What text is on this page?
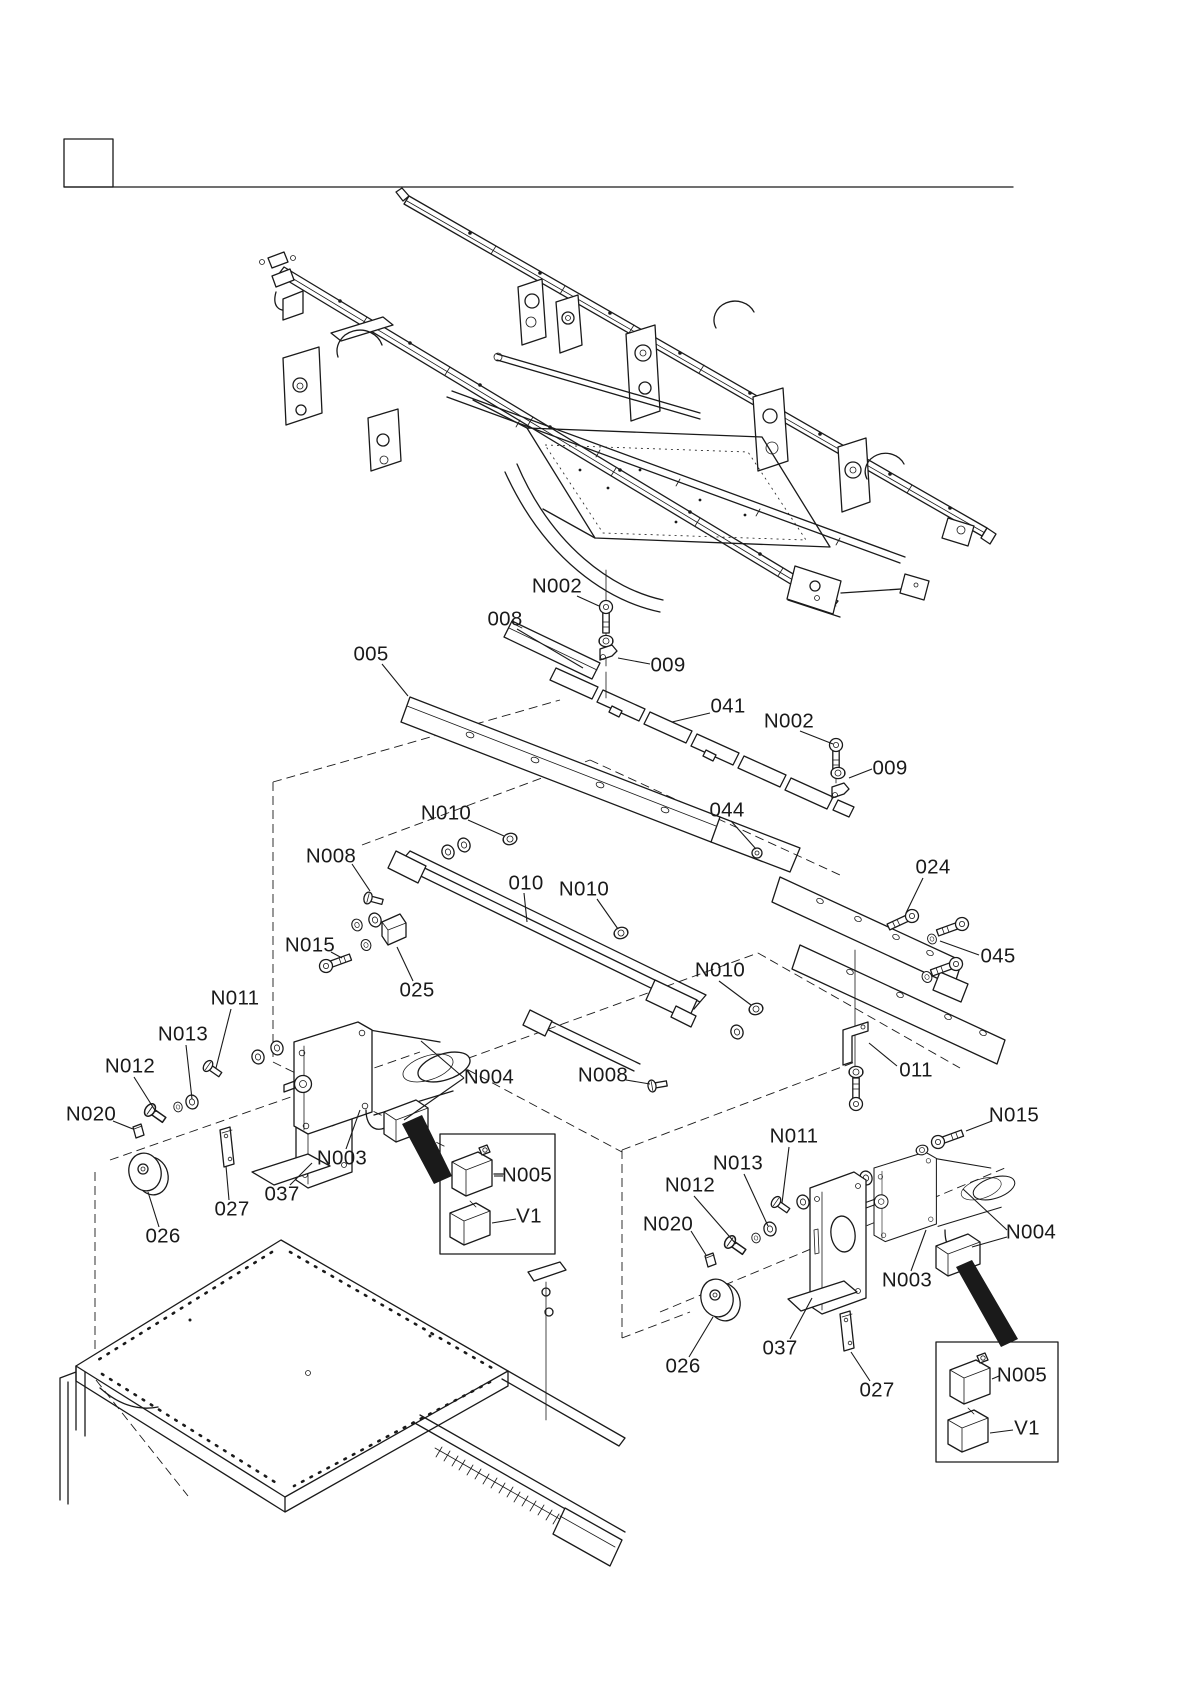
N002
008
009
005
041
N002
009
044
N010
N008
010 N010
N015
025
N010
024
045
N008	011
N011
N013
N012
N020
026
027
037
N003
N004
N005
V1
N015
N011
N013
N012
N020
026
037
027
N003
N004
N005
V1
